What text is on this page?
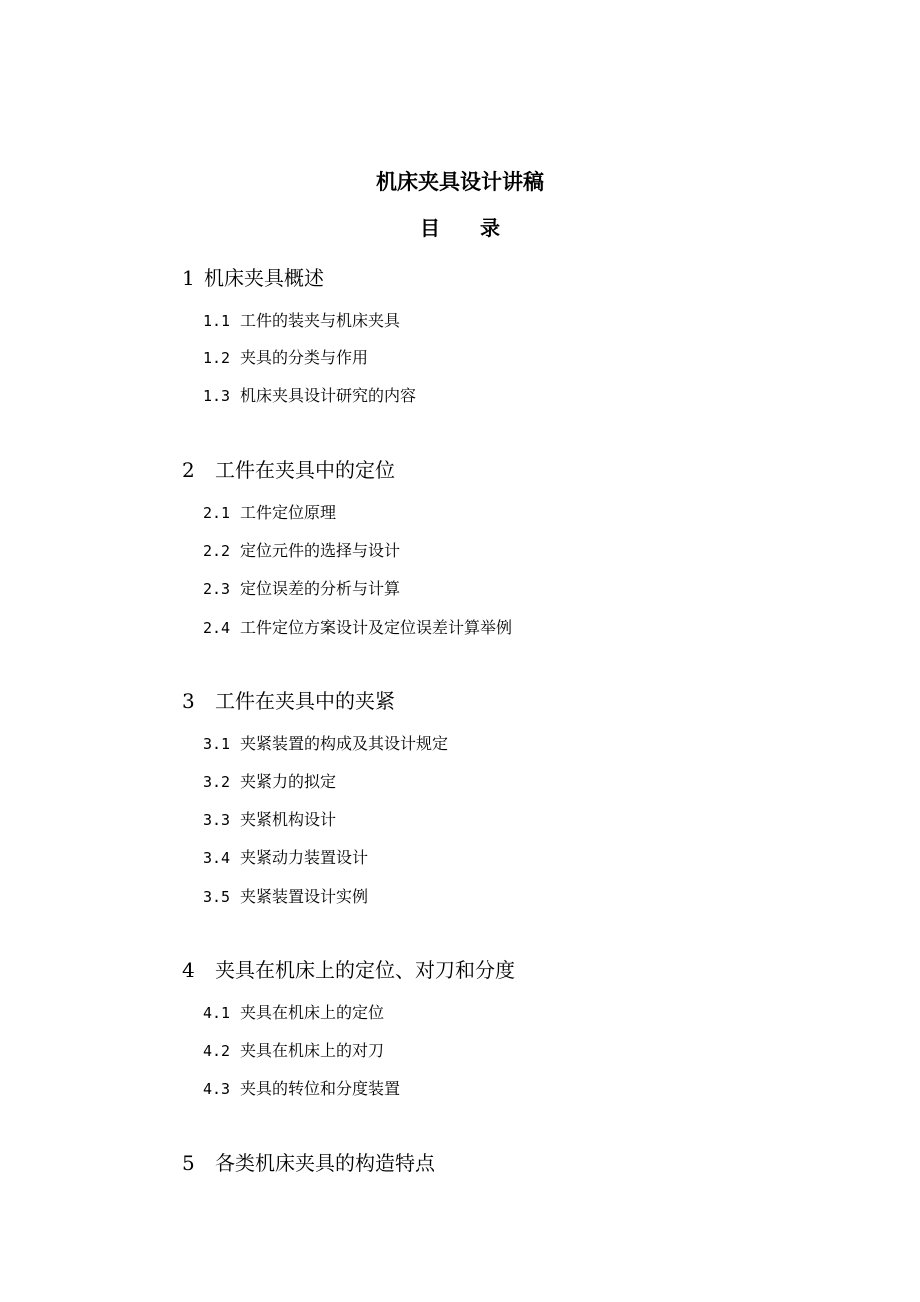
机床夹具设计讲稿
目 录
1 机床夹具概述
1.1 工件的装夹与机床夹具
1.2 夹具的分类与作用
1.3 机床夹具设计研究的内容
2 工件在夹具中的定位
2.1 工件定位原理
2.2 定位元件的选择与设计
2.3 定位误差的分析与计算
2.4 工件定位方案设计及定位误差计算举例
3 工件在夹具中的夹紧
3.1 夹紧装置的构成及其设计规定
3.2 夹紧力的拟定
3.3 夹紧机构设计
3.4 夹紧动力装置设计
3.5 夹紧装置设计实例
4 夹具在机床上的定位、对刀和分度
4.1 夹具在机床上的定位
4.2 夹具在机床上的对刀
4.3 夹具的转位和分度装置
5 各类机床夹具的构造特点
